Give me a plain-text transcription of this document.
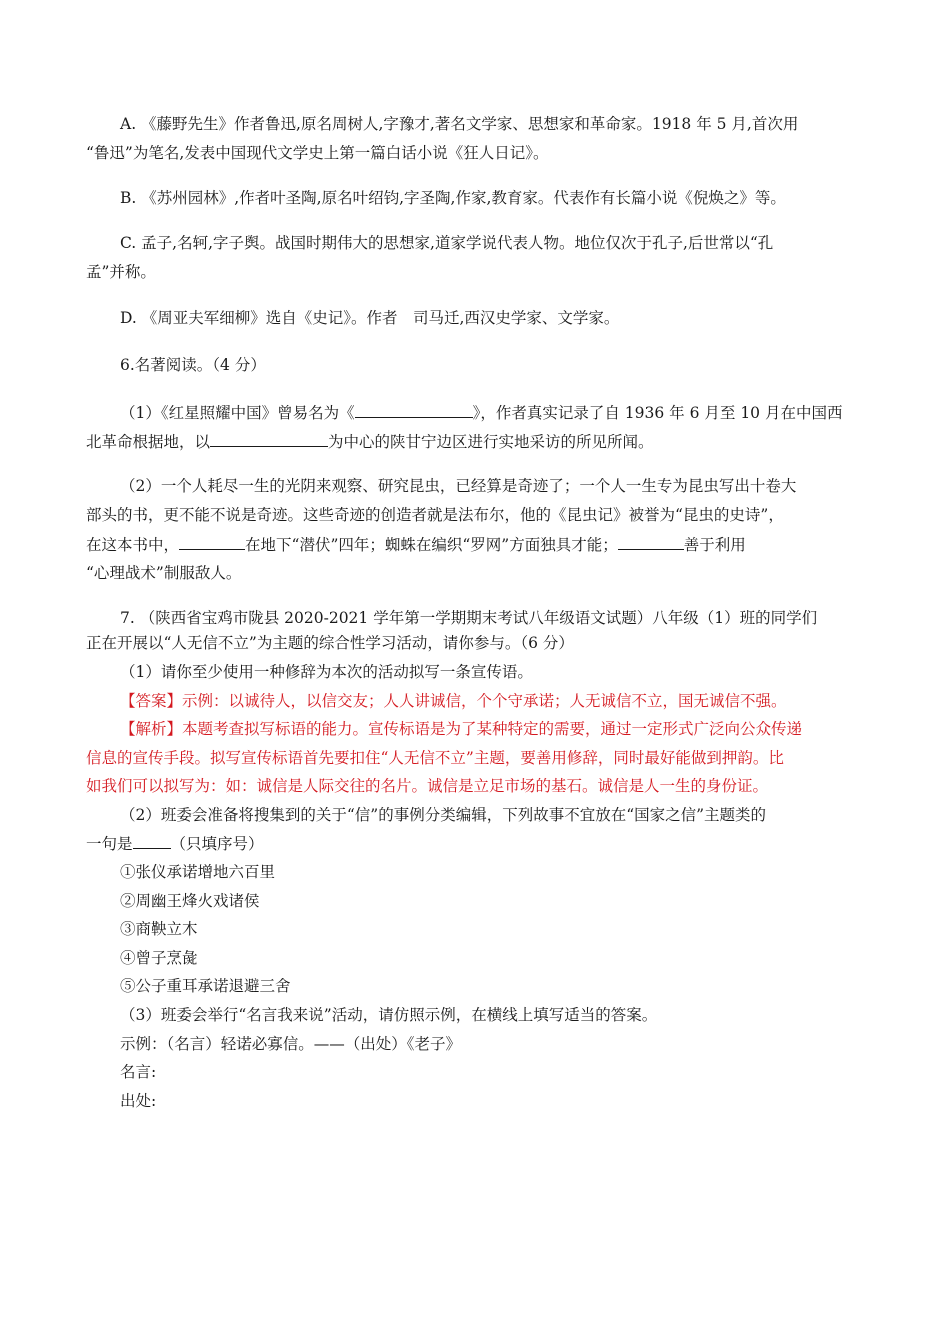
A. 《藤野先生》作者鲁迅,原名周树人,字豫才,著名文学家、思想家和革命家。1918 年 5 月,首次用
“鲁迅”为笔名,发表中国现代文学史上第一篇白话小说《狂人日记》。
B. 《苏州园林》,作者叶圣陶,原名叶绍钧,字圣陶,作家,教育家。代表作有长篇小说《倪焕之》等。
C. 孟子,名轲,字子舆。战国时期伟大的思想家,道家学说代表人物。地位仅次于孔子,后世常以“孔
孟”并称。
D. 《周亚夫军细柳》选自《史记》。作者　司马迁,西汉史学家、文学家。
6.名著阅读。（4 分）
（1）《红星照耀中国》曾易名为《	》，作者真实记录了自 1936 年 6 月至 10 月在中国西
北革命根据地，以	为中心的陕甘宁边区进行实地采访的所见所闻。
（2）一个人耗尽一生的光阴来观察、研究昆虫，已经算是奇迹了；一个人一生专为昆虫写出十卷大
部头的书，更不能不说是奇迹。这些奇迹的创造者就是法布尔，他的《昆虫记》被誉为“昆虫的史诗”，
在这本书中，	在地下“潜伏”四年；蜘蛛在编织“罗网”方面独具才能；	善于利用
“心理战术”制服敌人。
7. （陕西省宝鸡市陇县 2020-2021 学年第一学期期末考试八年级语文试题）八年级（1）班的同学们
正在开展以“人无信不立”为主题的综合性学习活动，请你参与。（6 分）
（1）请你至少使用一种修辞为本次的活动拟写一条宣传语。
【答案】示例：以诚待人，以信交友；人人讲诚信，个个守承诺；人无诚信不立，国无诚信不强。
【解析】本题考查拟写标语的能力。宣传标语是为了某种特定的需要，通过一定形式广泛向公众传递
信息的宣传手段。拟写宣传标语首先要扣住“人无信不立”主题，要善用修辞，同时最好能做到押韵。比
如我们可以拟写为：如：诚信是人际交往的名片。诚信是立足市场的基石。诚信是人一生的身份证。
（2）班委会准备将搜集到的关于“信”的事例分类编辑，下列故事不宜放在“国家之信”主题类的
一句是 （只填序号）
①张仪承诺增地六百里
②周幽王烽火戏诸侯
③商鞅立木
④曾子烹彘
⑤公子重耳承诺退避三舍
（3）班委会举行“名言我来说”活动，请仿照示例，在横线上填写适当的答案。
示例：（名言）轻诺必寡信。——（出处）《老子》
名言:
出处:
